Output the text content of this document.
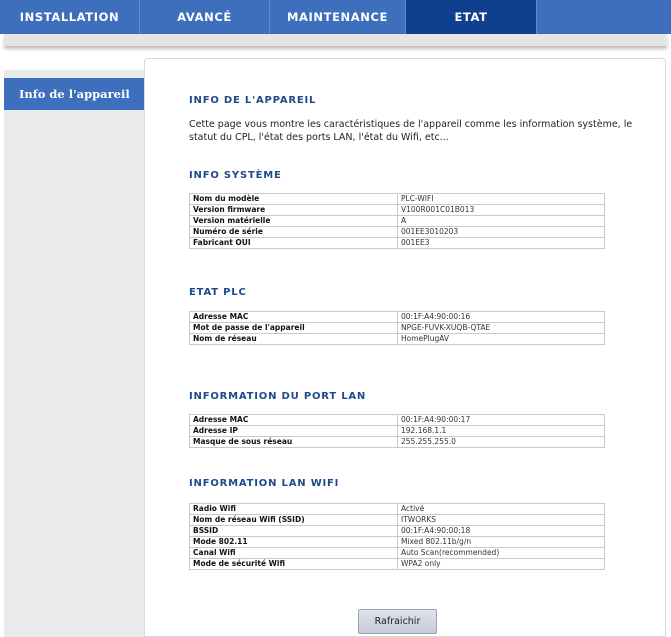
INSTALLATION	AVANCÉ	MAINTENANCE	ETAT
Info de l'appareil	INFO DE L'APPAREIL
Cette page vous montre les caractéristiques de l'appareil comme les information système, le statut du CPL, l'état des ports LAN, l'état du Wifi, etc...
INFO SYSTÈME
Nom du modèle	PLC-WIFI
Version firmware	V100R001C01B013
Version matérielle	A
Numéro de série	001EE3010203
Fabricant OUI	001EE3
ETAT PLC
Adresse MAC	00:1F:A4:90:00:16
Mot de passe de l'appareil	NPGE-FUVK-XUQB-QTAE
Nom de réseau	HomePlugAV
INFORMATION DU PORT LAN
Adresse MAC	00:1F:A4:90:00:17
Adresse IP	192.168.1.1
Masque de sous réseau	255.255.255.0
INFORMATION LAN WIFI
Radio Wifi	Activé
Nom de réseau Wifi (SSID)	ITWORKS
BSSID	00:1F:A4:90:00:18
Mode 802.11	Mixed 802.11b/g/n
Canal Wifi	Auto Scan(recommended)
Mode de sécurité Wifi	WPA2 only
Rafraichir
